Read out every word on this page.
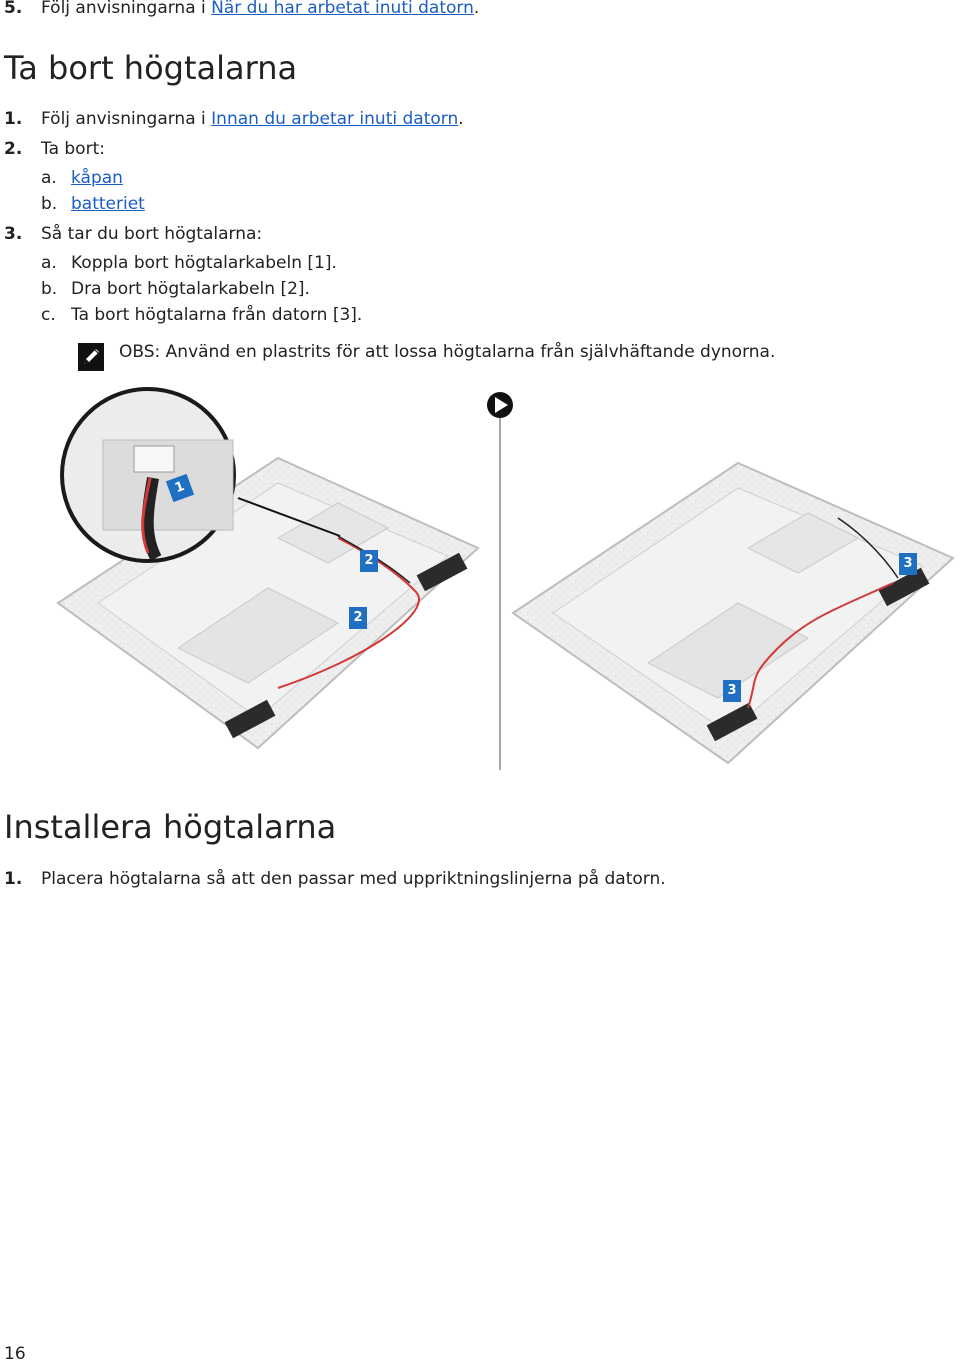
5. Följ anvisningarna i När du har arbetat inuti datorn.
Ta bort högtalarna
1. Följ anvisningarna i Innan du arbetar inuti datorn.
2. Ta bort:
a. kåpan
b. batteriet
3. Så tar du bort högtalarna:
a. Koppla bort högtalarkabeln [1].
b. Dra bort högtalarkabeln [2].
c. Ta bort högtalarna från datorn [3].
OBS: Använd en plastrits för att lossa högtalarna från självhäftande dynorna.
1
2
2
3
3
Installera högtalarna
1. Placera högtalarna så att den passar med uppriktningslinjerna på datorn.
16
